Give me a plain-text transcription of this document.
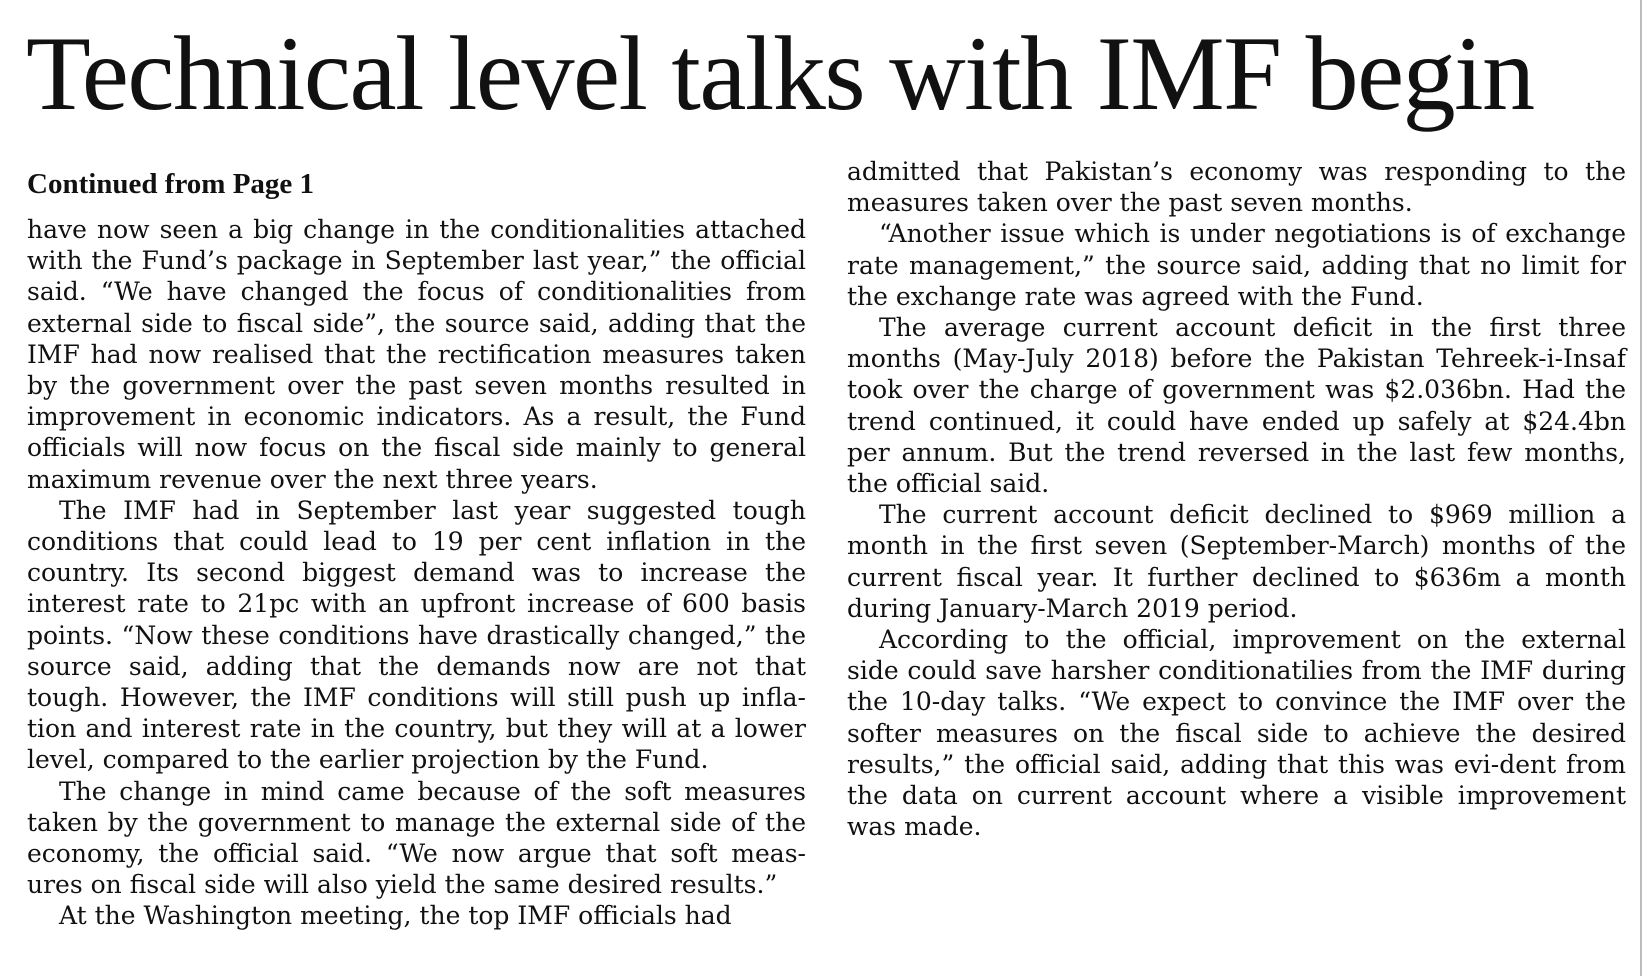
Technical level talks with IMF begin
Continued from Page 1

have now seen a big change in the conditionalities attached with the Fund’s package in September last year,” the official said. “We have changed the focus of conditionalities from external side to fiscal side”, the source said, adding that the IMF had now realised that the rectification measures taken by the government over the past seven months resulted in improvement in economic indicators. As a result, the Fund officials will now focus on the fiscal side mainly to general maximum revenue over the next three years.

The IMF had in September last year suggested tough conditions that could lead to 19 per cent inflation in the country. Its second biggest demand was to increase the interest rate to 21pc with an upfront increase of 600 basis points. “Now these conditions have drastically changed,” the source said, adding that the demands now are not that tough. However, the IMF conditions will still push up infla-tion and interest rate in the country, but they will at a lower level, compared to the earlier projection by the Fund.

The change in mind came because of the soft measures taken by the government to manage the external side of the economy, the official said. “We now argue that soft meas-ures on fiscal side will also yield the same desired results.”

At the Washington meeting, the top IMF officials had

admitted that Pakistan’s economy was responding to the measures taken over the past seven months.

“Another issue which is under negotiations is of exchange rate management,” the source said, adding that no limit for the exchange rate was agreed with the Fund.

The average current account deficit in the first three months (May-July 2018) before the Pakistan Tehreek-i-Insaf took over the charge of government was $2.036bn. Had the trend continued, it could have ended up safely at $24.4bn per annum. But the trend reversed in the last few months, the official said.

The current account deficit declined to $969 million a month in the first seven (September-March) months of the current fiscal year. It further declined to $636m a month during January-March 2019 period.

According to the official, improvement on the external side could save harsher conditionatilies from the IMF during the 10-day talks. “We expect to convince the IMF over the softer measures on the fiscal side to achieve the desired results,” the official said, adding that this was evi-dent from the data on current account where a visible improvement was made.
